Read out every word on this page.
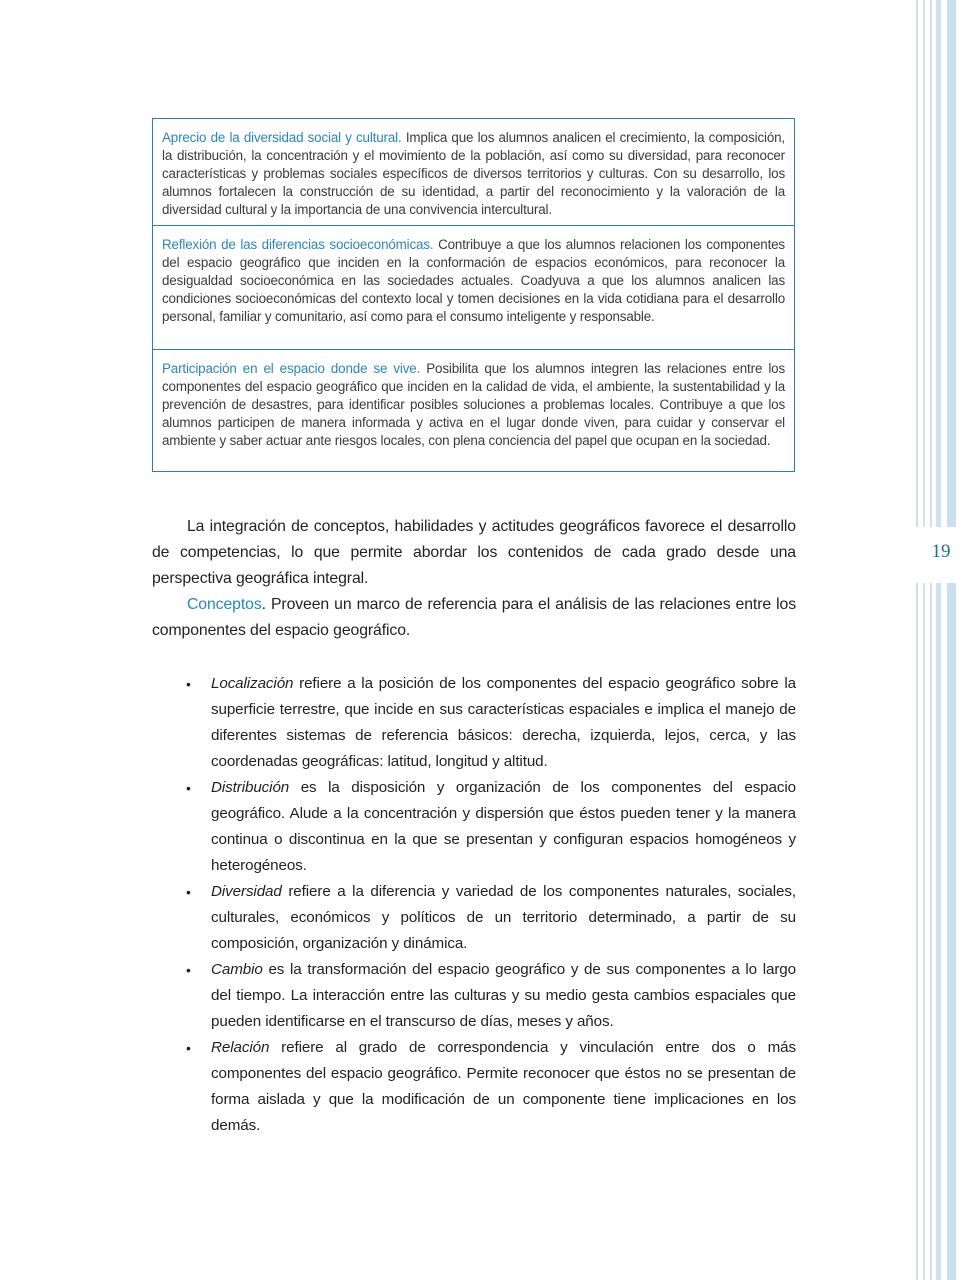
19
Aprecio de la diversidad social y cultural. Implica que los alumnos analicen el crecimiento, la composición, la distribución, la concentración y el movimiento de la población, así como su diversidad, para reconocer características y problemas sociales específicos de diversos territorios y culturas. Con su desarrollo, los alumnos fortalecen la construcción de su identidad, a partir del reconocimiento y la valoración de la diversidad cultural y la importancia de una convivencia intercultural.
Reflexión de las diferencias socioeconómicas. Contribuye a que los alumnos relacionen los componentes del espacio geográfico que inciden en la conformación de espacios económicos, para reconocer la desigualdad socioeconómica en las sociedades actuales. Coadyuva a que los alumnos analicen las condiciones socioeconómicas del contexto local y tomen decisiones en la vida cotidiana para el desarrollo personal, familiar y comunitario, así como para el consumo inteligente y responsable.
Participación en el espacio donde se vive. Posibilita que los alumnos integren las relaciones entre los componentes del espacio geográfico que inciden en la calidad de vida, el ambiente, la sustentabilidad y la prevención de desastres, para identificar posibles soluciones a problemas locales. Contribuye a que los alumnos participen de manera informada y activa en el lugar donde viven, para cuidar y conservar el ambiente y saber actuar ante riesgos locales, con plena conciencia del papel que ocupan en la sociedad.

La integración de conceptos, habilidades y actitudes geográficos favorece el desarrollo de competencias, lo que permite abordar los contenidos de cada grado desde una perspectiva geográfica integral.

Conceptos. Proveen un marco de referencia para el análisis de las relaciones entre los componentes del espacio geográfico.

• Localización refiere a la posición de los componentes del espacio geográfico sobre la superficie terrestre, que incide en sus características espaciales e implica el manejo de diferentes sistemas de referencia básicos: derecha, izquierda, lejos, cerca, y las coordenadas geográficas: latitud, longitud y altitud.
• Distribución es la disposición y organización de los componentes del espacio geográfico. Alude a la concentración y dispersión que éstos pueden tener y la manera continua o discontinua en la que se presentan y configuran espacios homogéneos y heterogéneos.
• Diversidad refiere a la diferencia y variedad de los componentes naturales, sociales, culturales, económicos y políticos de un territorio determinado, a partir de su composición, organización y dinámica.
• Cambio es la transformación del espacio geográfico y de sus componentes a lo largo del tiempo. La interacción entre las culturas y su medio gesta cambios espaciales que pueden identificarse en el transcurso de días, meses y años.
• Relación refiere al grado de correspondencia y vinculación entre dos o más componentes del espacio geográfico. Permite reconocer que éstos no se presentan de forma aislada y que la modificación de un componente tiene implicaciones en los demás.
